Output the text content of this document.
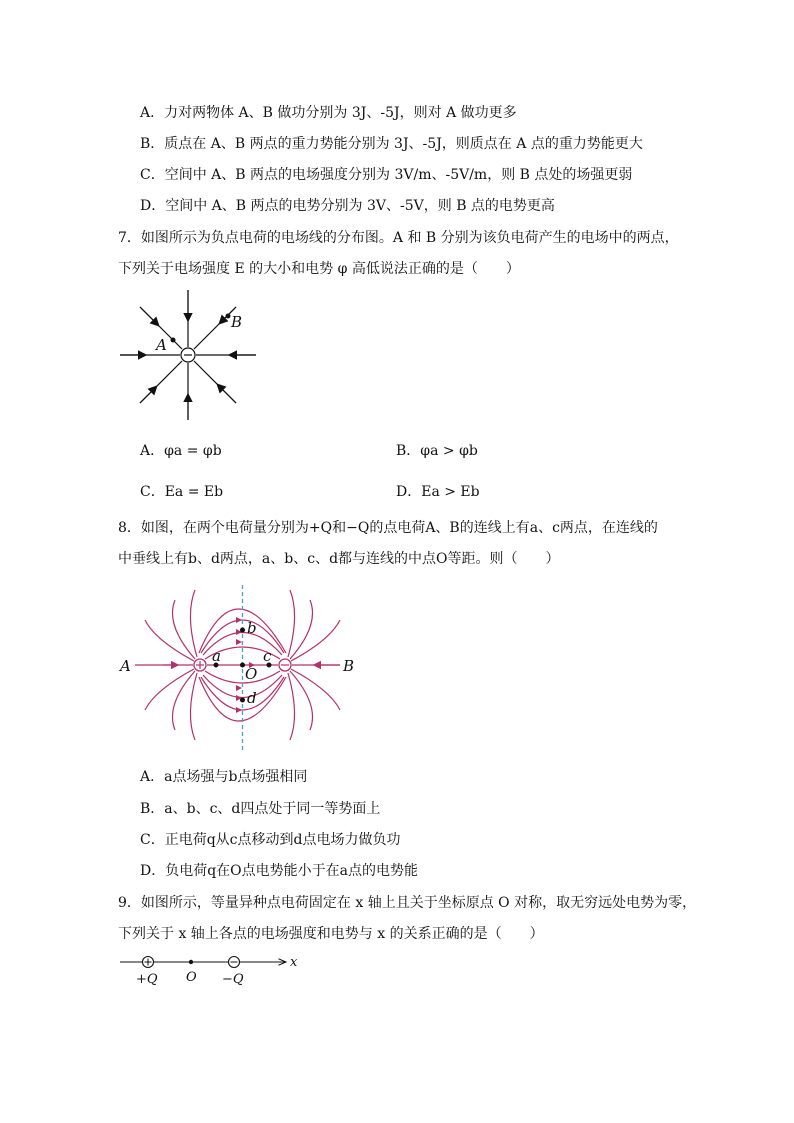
A．力对两物体 A、B 做功分别为 3J、-5J，则对 A 做功更多
B．质点在 A、B 两点的重力势能分别为 3J、-5J，则质点在 A 点的重力势能更大
C．空间中 A、B 两点的电场强度分别为 3V/m、-5V/m，则 B 点处的场强更弱
D．空间中 A、B 两点的电势分别为 3V、-5V，则 B 点的电势更高
7．如图所示为负点电荷的电场线的分布图。A 和 B 分别为该负电荷产生的电场中的两点，
下列关于电场强度 E 的大小和电势 φ 高低说法正确的是（　　）
A
B
A．φa = φb	B．φa > φb
C．Ea = Eb	D．Ea > Eb
8．如图，在两个电荷量分别为+Q和−Q的点电荷A、B的连线上有a、c两点，在连线的
中垂线上有b、d两点，a、b、c、d都与连线的中点O等距。则（　　）
A	B
a	c
b
d
O
A．a点场强与b点场强相同
B．a、b、c、d四点处于同一等势面上
C．正电荷q从c点移动到d点电场力做负功
D．负电荷q在O点电势能小于在a点的电势能
9．如图所示，等量异种点电荷固定在 x 轴上且关于坐标原点 O 对称，取无穷远处电势为零，
下列关于 x 轴上各点的电场强度和电势与 x 的关系正确的是（　　）
x
+Q O −Q
